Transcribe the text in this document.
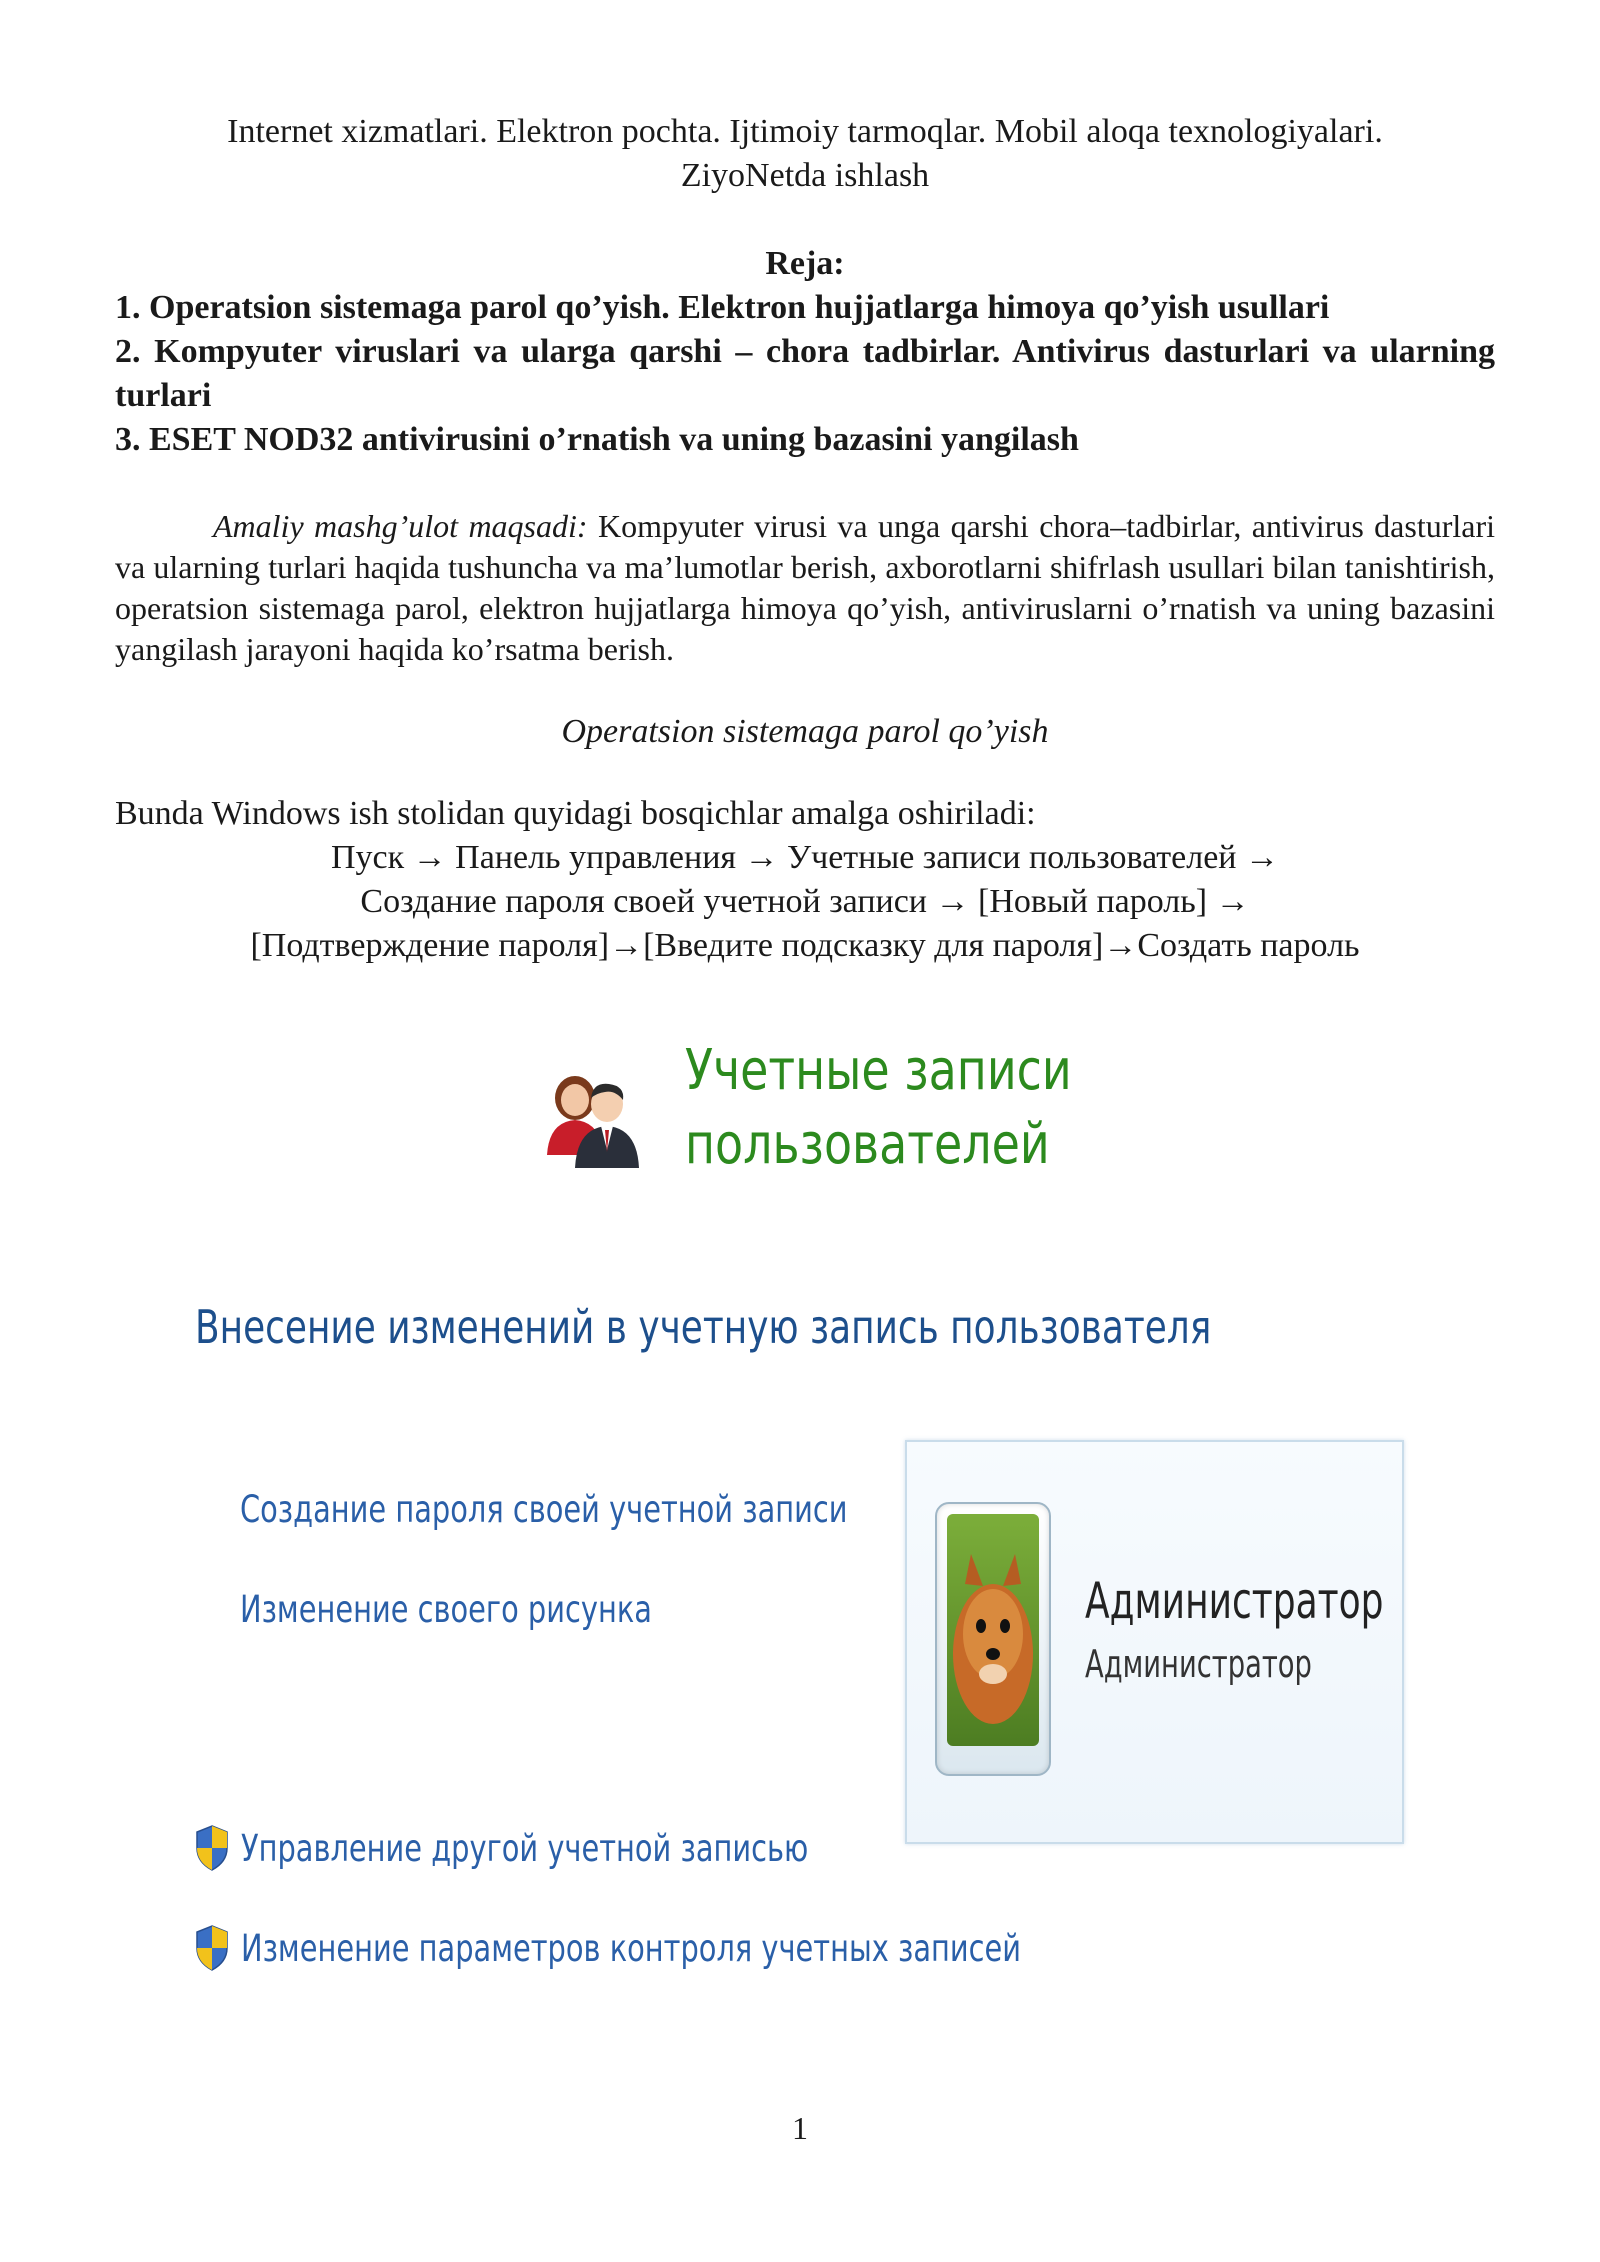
Internet xizmatlari. Elektron pochta. Ijtimoiy tarmoqlar. Mobil aloqa texnologiyalari.
ZiyoNetda ishlash
Reja:
1. Operatsion sistemaga parol qo’yish. Elektron hujjatlarga himoya qo’yish usullari
2. Kompyuter viruslari va ularga qarshi – chora tadbirlar. Antivirus dasturlari va ularning turlari
3. ESET NOD32 antivirusini o’rnatish va uning bazasini yangilash
Amaliy mashg’ulot maqsadi: Kompyuter virusi va unga qarshi chora–tadbirlar, antivirus dasturlari va ularning turlari haqida tushuncha va ma’lumotlar berish, axborotlarni shifrlash usullari bilan tanishtirish, operatsion sistemaga parol, elektron hujjatlarga himoya qo’yish, antiviruslarni o’rnatish va uning bazasini yangilash jarayoni haqida ko’rsatma berish.
Operatsion sistemaga parol qo’yish
Bunda Windows ish stolidan quyidagi bosqichlar amalga oshiriladi:
Пуск → Панель управления → Учетные записи пользователей →
Создание пароля своей учетной записи → [Новый пароль] →
[Подтверждение пароля]→[Введите подсказку для пароля]→Создать пароль
Учетные записи
пользователей
Внесение изменений в учетную запись пользователя
Создание пароля своей учетной записи
Изменение своего рисунка
Управление другой учетной записью
Изменение параметров контроля учетных записей
Администратор
Администратор
1
